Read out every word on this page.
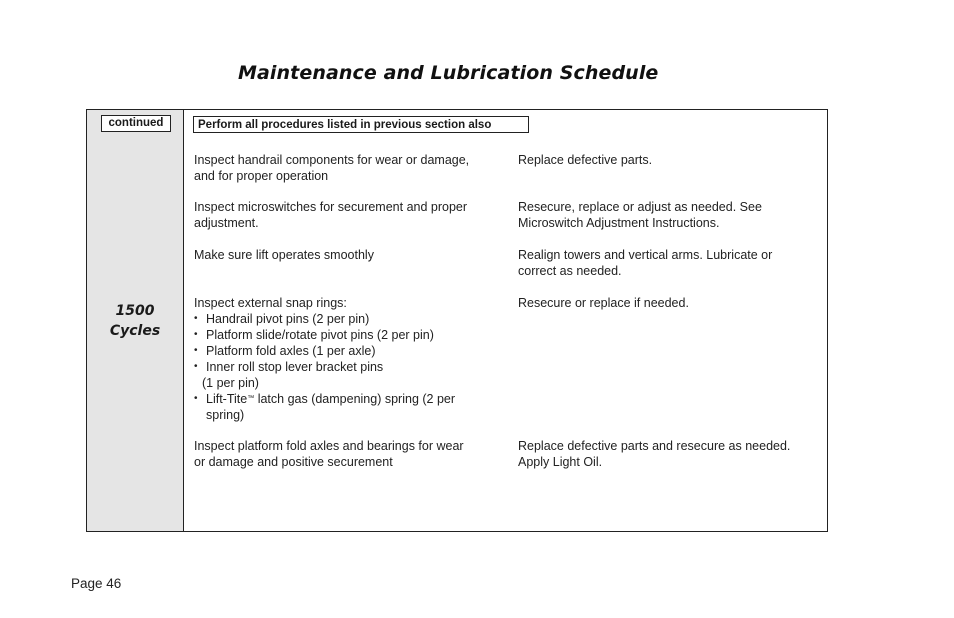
Maintenance and Lubrication Schedule
continued
1500
Cycles
Perform all procedures listed in previous section also
Inspect handrail components for wear or damage,
and for proper operation
Replace defective parts.
Inspect microswitches for securement and proper
adjustment.
Resecure, replace or adjust as needed. See
Microswitch Adjustment Instructions.
Make sure lift operates smoothly	Realign towers and vertical arms. Lubricate or
correct as needed.
Inspect external snap rings:
• Handrail pivot pins (2 per pin)
• Platform slide/rotate pivot pins (2 per pin)
• Platform fold axles (1 per axle)
• Inner roll stop lever bracket pins
(1 per pin)
• Lift-Tite™ latch gas (dampening) spring (2 per
spring)
Resecure or replace if needed.
Inspect platform fold axles and bearings for wear
or damage and positive securement
Replace defective parts and resecure as needed.
Apply Light Oil.
Page 46
